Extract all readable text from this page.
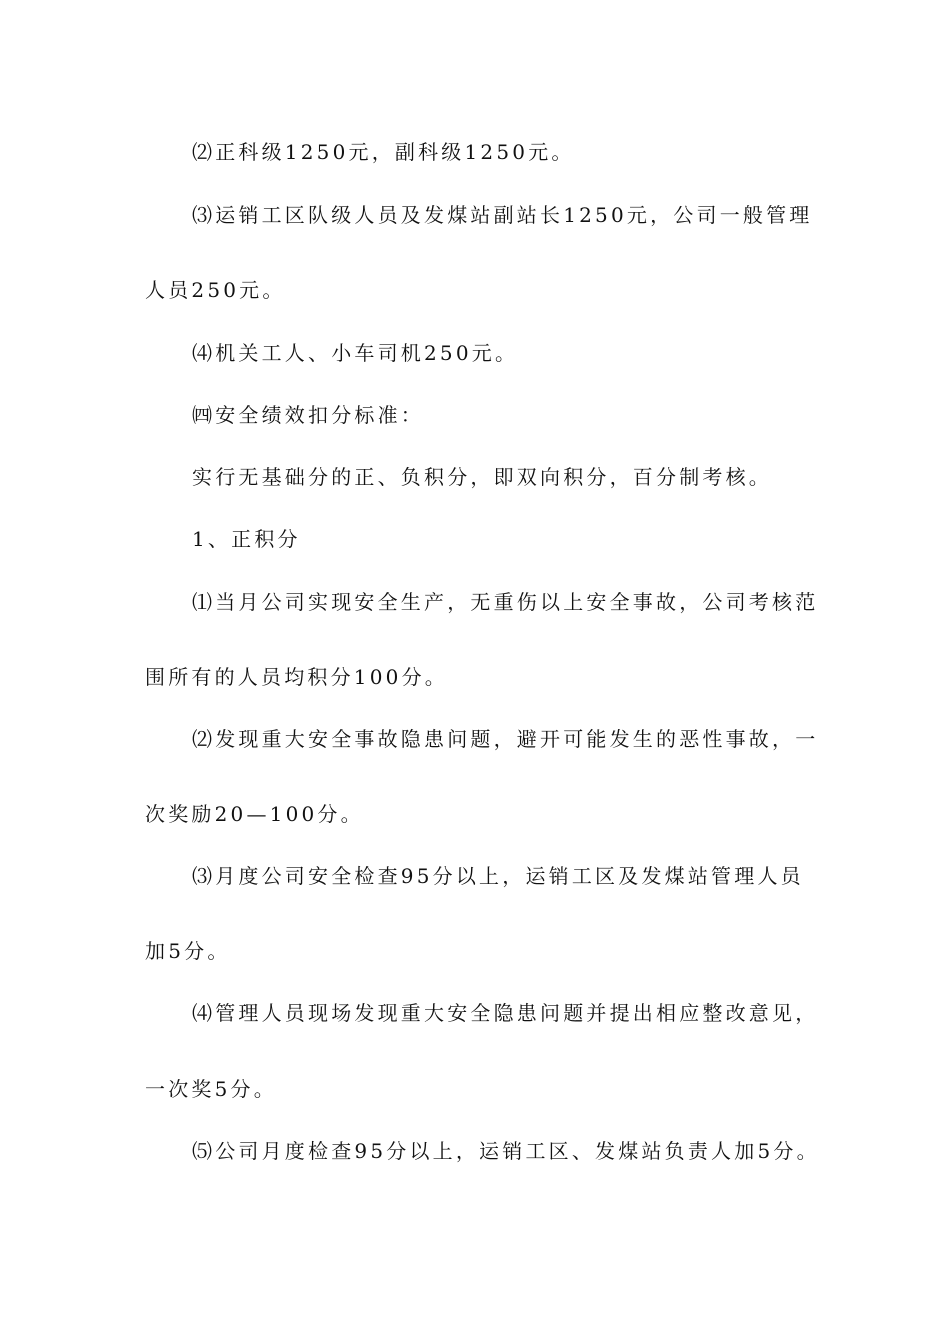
⑵正科级1250元，副科级1250元。
⑶运销工区队级人员及发煤站副站长1250元，公司一般管理
人员250元。
⑷机关工人、小车司机250元。
㈣安全绩效扣分标准：
实行无基础分的正、负积分，即双向积分，百分制考核。
1、正积分
⑴当月公司实现安全生产，无重伤以上安全事故，公司考核范
围所有的人员均积分100分。
⑵发现重大安全事故隐患问题，避开可能发生的恶性事故，一
次奖励20—100分。
⑶月度公司安全检查95分以上，运销工区及发煤站管理人员
加5分。
⑷管理人员现场发现重大安全隐患问题并提出相应整改意见，
一次奖5分。
⑸公司月度检查95分以上，运销工区、发煤站负责人加5分。
